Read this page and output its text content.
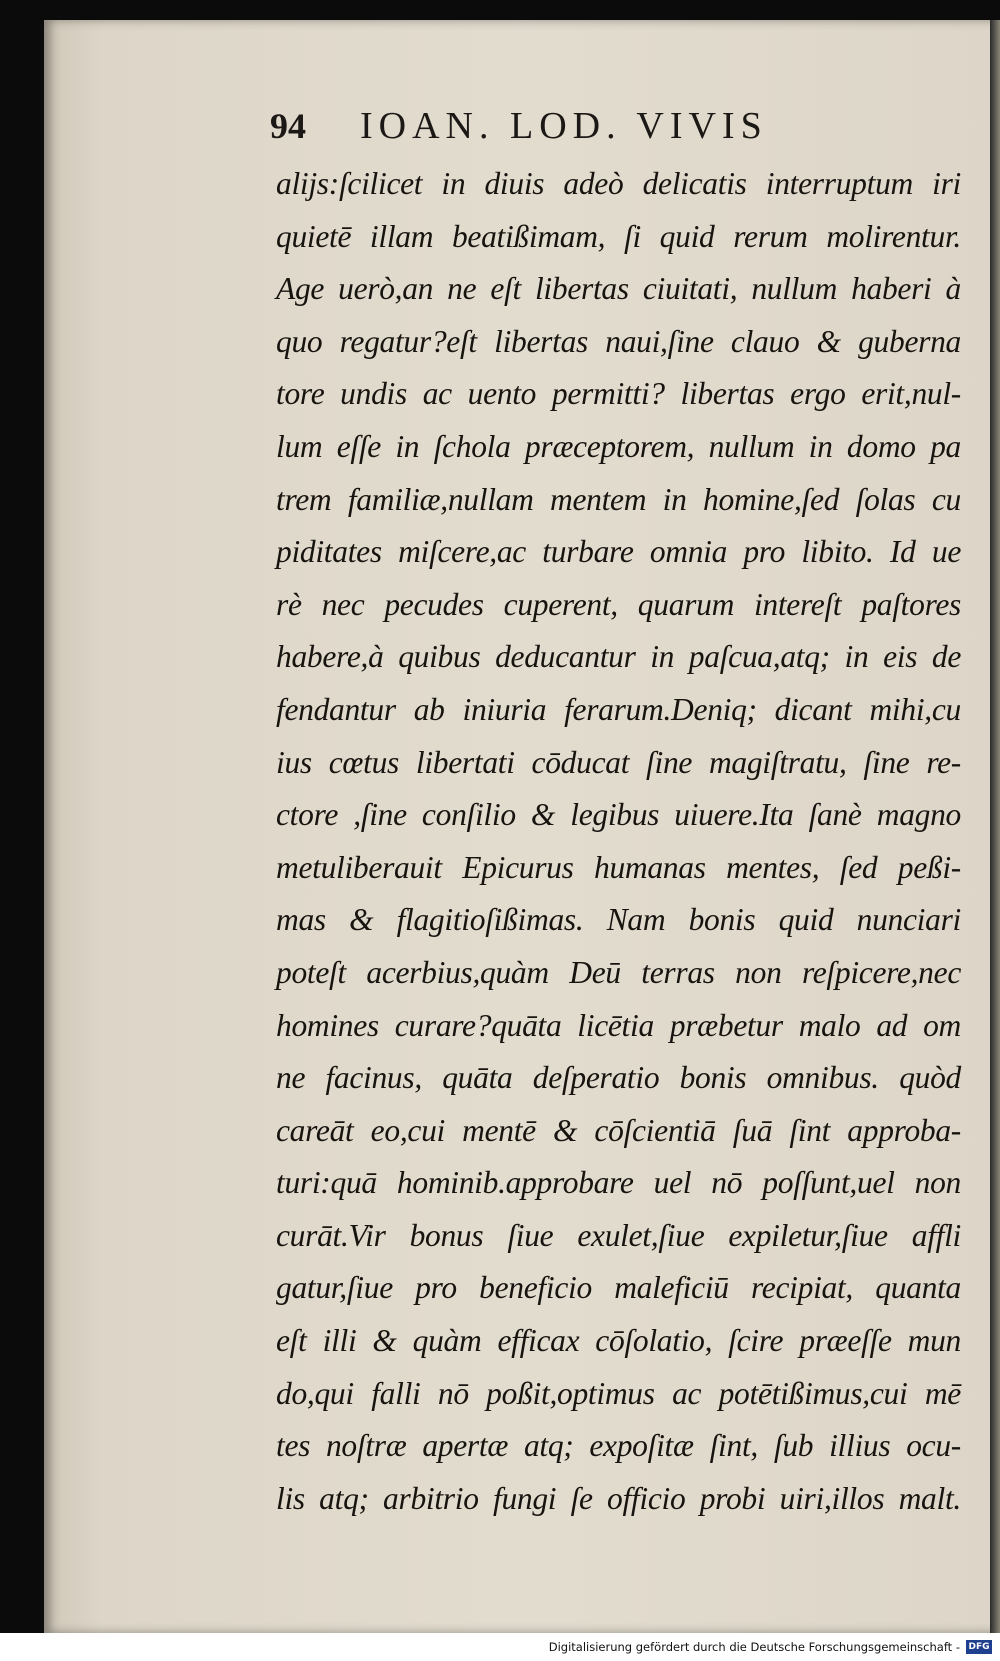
94	IOAN. LOD. VIVIS
alijs:ſcilicet in diuis adeò delicatis interruptum iri
quietē illam beatißimam, ſi quid rerum molirentur.
Age uerò,an ne eſt libertas ciuitati, nullum haberi à
quo regatur?eſt libertas naui,ſine clauo & guberna
tore undis ac uento permitti? libertas ergo erit,nul-
lum eſſe in ſchola præceptorem, nullum in domo pa
trem familiæ,nullam mentem in homine,ſed ſolas cu
piditates miſcere,ac turbare omnia pro libito. Id ue
rè nec pecudes cuperent, quarum intereſt paſtores
habere,à quibus deducantur in paſcua,atq; in eis de
fendantur ab iniuria ferarum.Deniq; dicant mihi,cu
ius cœtus libertati cōducat ſine magiſtratu, ſine re-
ctore ,ſine conſilio & legibus uiuere.Ita ſanè magno
metuliberauit Epicurus humanas mentes, ſed peßi-
mas & flagitioſißimas. Nam bonis quid nunciari
poteſt acerbius,quàm Deū terras non reſpicere,nec
homines curare?quāta licētia præbetur malo ad om
ne facinus, quāta deſperatio bonis omnibus. quòd
careāt eo,cui mentē & cōſcientiā ſuā ſint approba-
turi:quā hominib.approbare uel nō poſſunt,uel non
curāt.Vir bonus ſiue exulet,ſiue expiletur,ſiue affli
gatur,ſiue pro beneficio maleficiū recipiat, quanta
eſt illi & quàm efficax cōſolatio, ſcire præeſſe mun
do,qui falli nō poßit,optimus ac potētißimus,cui mē
tes noſtræ apertæ atq; expoſitæ ſint, ſub illius ocu-
lis atq; arbitrio fungi ſe officio probi uiri,illos malt.
Digitalisierung gefördert durch die Deutsche Forschungsgemeinschaft - DFG
